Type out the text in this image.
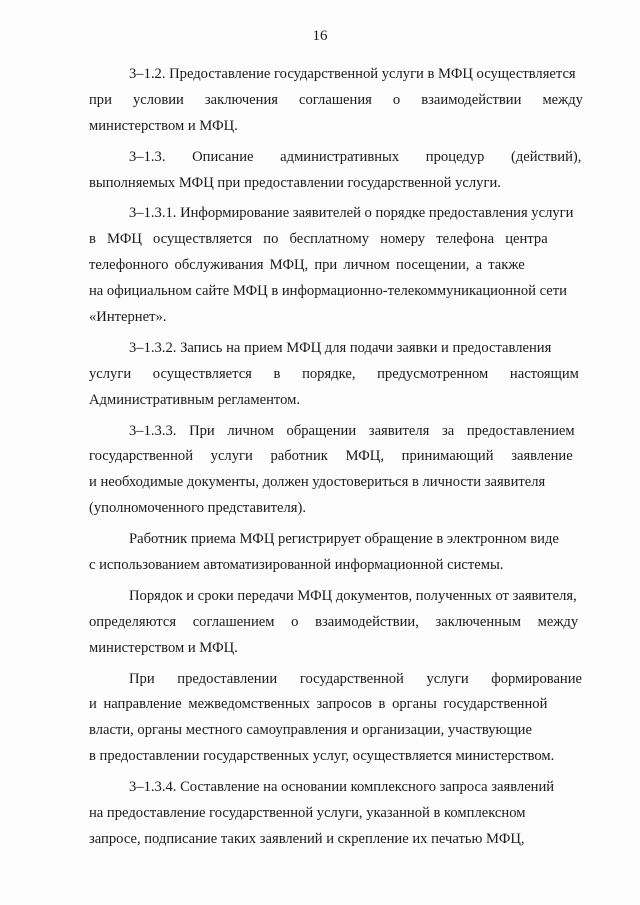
16
3–1.2. Предоставление государственной услуги в МФЦ осуществляется
при условии заключения соглашения о взаимодействии между
министерством и МФЦ.
3–1.3. Описание административных процедур (действий),
выполняемых МФЦ при предоставлении государственной услуги.
3–1.3.1. Информирование заявителей о порядке предоставления услуги
в МФЦ осуществляется по бесплатному номеру телефона центра
телефонного обслуживания МФЦ, при личном посещении, а также
на официальном сайте МФЦ в информационно-телекоммуникационной сети
«Интернет».
3–1.3.2. Запись на прием МФЦ для подачи заявки и предоставления
услуги осуществляется в порядке, предусмотренном настоящим
Административным регламентом.
3–1.3.3. При личном обращении заявителя за предоставлением
государственной услуги работник МФЦ, принимающий заявление
и необходимые документы, должен удостовериться в личности заявителя
(уполномоченного представителя).
Работник приема МФЦ регистрирует обращение в электронном виде
с использованием автоматизированной информационной системы.
Порядок и сроки передачи МФЦ документов, полученных от заявителя,
определяются соглашением о взаимодействии, заключенным между
министерством и МФЦ.
При предоставлении государственной услуги формирование
и направление межведомственных запросов в органы государственной
власти, органы местного самоуправления и организации, участвующие
в предоставлении государственных услуг, осуществляется министерством.
3–1.3.4. Составление на основании комплексного запроса заявлений
на предоставление государственной услуги, указанной в комплексном
запросе, подписание таких заявлений и скрепление их печатью МФЦ,
